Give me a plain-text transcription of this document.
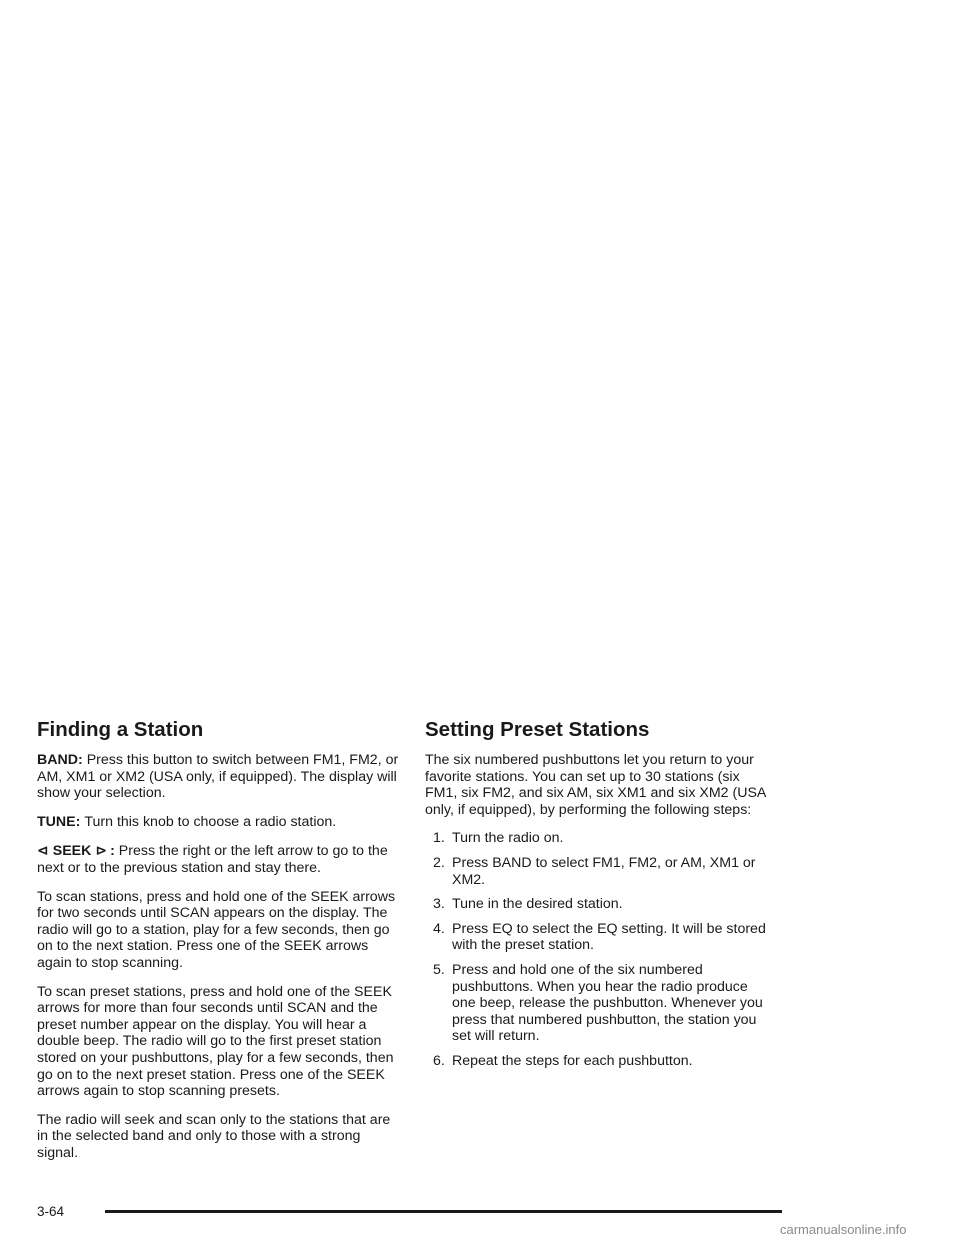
Finding a Station

BAND: Press this button to switch between FM1, FM2, or AM, XM1 or XM2 (USA only, if equipped). The display will show your selection.

TUNE: Turn this knob to choose a radio station.

⊲ SEEK ⊳ : Press the right or the left arrow to go to the next or to the previous station and stay there.

To scan stations, press and hold one of the SEEK arrows for two seconds until SCAN appears on the display. The radio will go to a station, play for a few seconds, then go on to the next station. Press one of the SEEK arrows again to stop scanning.

To scan preset stations, press and hold one of the SEEK arrows for more than four seconds until SCAN and the preset number appear on the display. You will hear a double beep. The radio will go to the first preset station stored on your pushbuttons, play for a few seconds, then go on to the next preset station. Press one of the SEEK arrows again to stop scanning presets.

The radio will seek and scan only to the stations that are in the selected band and only to those with a strong signal.

Setting Preset Stations

The six numbered pushbuttons let you return to your favorite stations. You can set up to 30 stations (six FM1, six FM2, and six AM, six XM1 and six XM2 (USA only, if equipped), by performing the following steps:

1. Turn the radio on.
2. Press BAND to select FM1, FM2, or AM, XM1 or XM2.
3. Tune in the desired station.
4. Press EQ to select the EQ setting. It will be stored with the preset station.
5. Press and hold one of the six numbered pushbuttons. When you hear the radio produce one beep, release the pushbutton. Whenever you press that numbered pushbutton, the station you set will return.
6. Repeat the steps for each pushbutton.
3-64
carmanualsonline.info
